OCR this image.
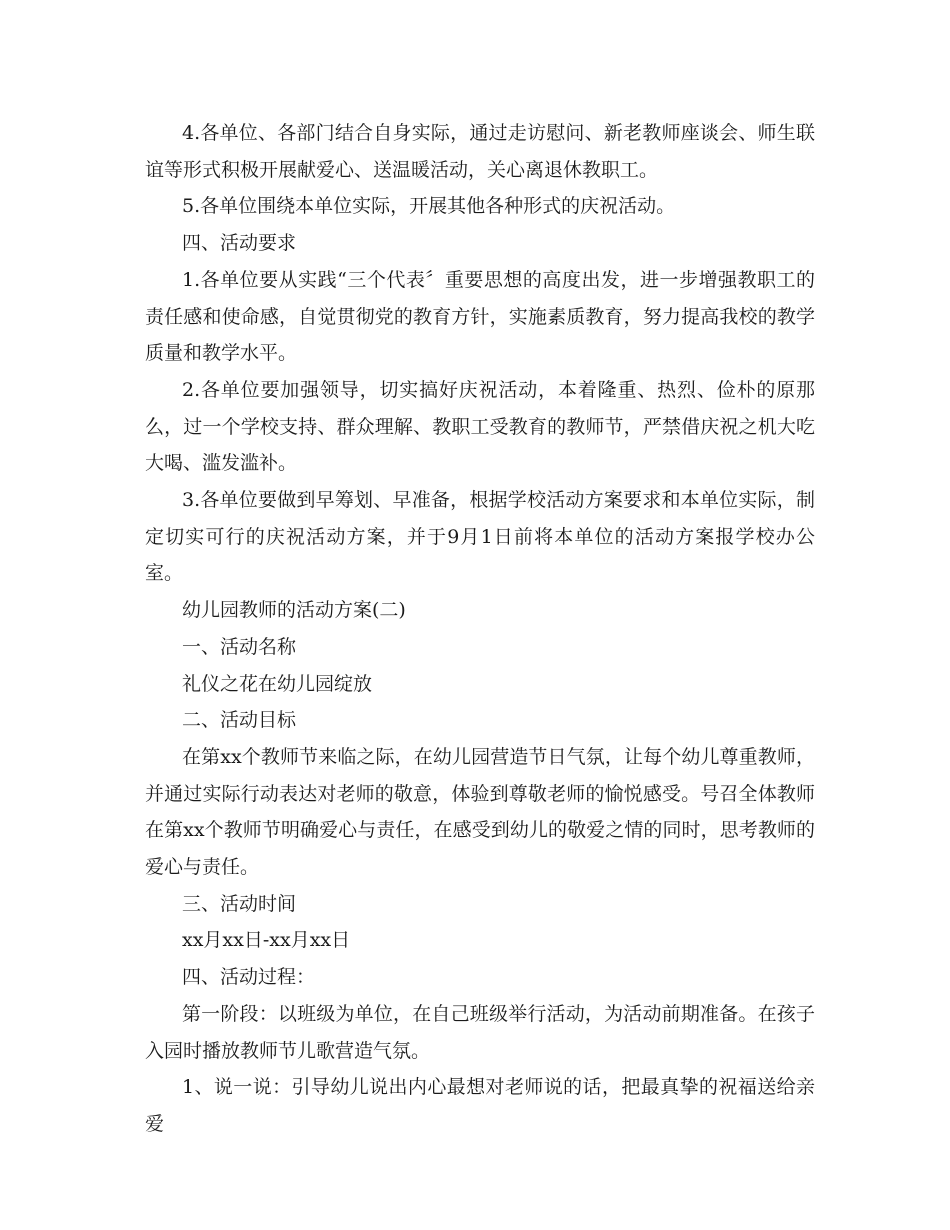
4.各单位、各部门结合自身实际，通过走访慰问、新老教师座谈会、师生联谊等形式积极开展献爱心、送温暖活动，关心离退休教职工。

5.各单位围绕本单位实际，开展其他各种形式的庆祝活动。

四、活动要求

1.各单位要从实践“三个代表〞重要思想的高度出发，进一步增强教职工的责任感和使命感，自觉贯彻党的教育方针，实施素质教育，努力提高我校的教学质量和教学水平。

2.各单位要加强领导，切实搞好庆祝活动，本着隆重、热烈、俭朴的原那么，过一个学校支持、群众理解、教职工受教育的教师节，严禁借庆祝之机大吃大喝、滥发滥补。

3.各单位要做到早筹划、早准备，根据学校活动方案要求和本单位实际，制定切实可行的庆祝活动方案，并于9月1日前将本单位的活动方案报学校办公室。

幼儿园教师的活动方案(二)

一、活动名称

礼仪之花在幼儿园绽放

二、活动目标

在第xx个教师节来临之际，在幼儿园营造节日气氛，让每个幼儿尊重教师，并通过实际行动表达对老师的敬意，体验到尊敬老师的愉悦感受。号召全体教师在第xx个教师节明确爱心与责任，在感受到幼儿的敬爱之情的同时，思考教师的爱心与责任。

三、活动时间

xx月xx日-xx月xx日

四、活动过程：

第一阶段：以班级为单位，在自己班级举行活动，为活动前期准备。在孩子入园时播放教师节儿歌营造气氛。

1、说一说：引导幼儿说出内心最想对老师说的话，把最真挚的祝福送给亲爱
